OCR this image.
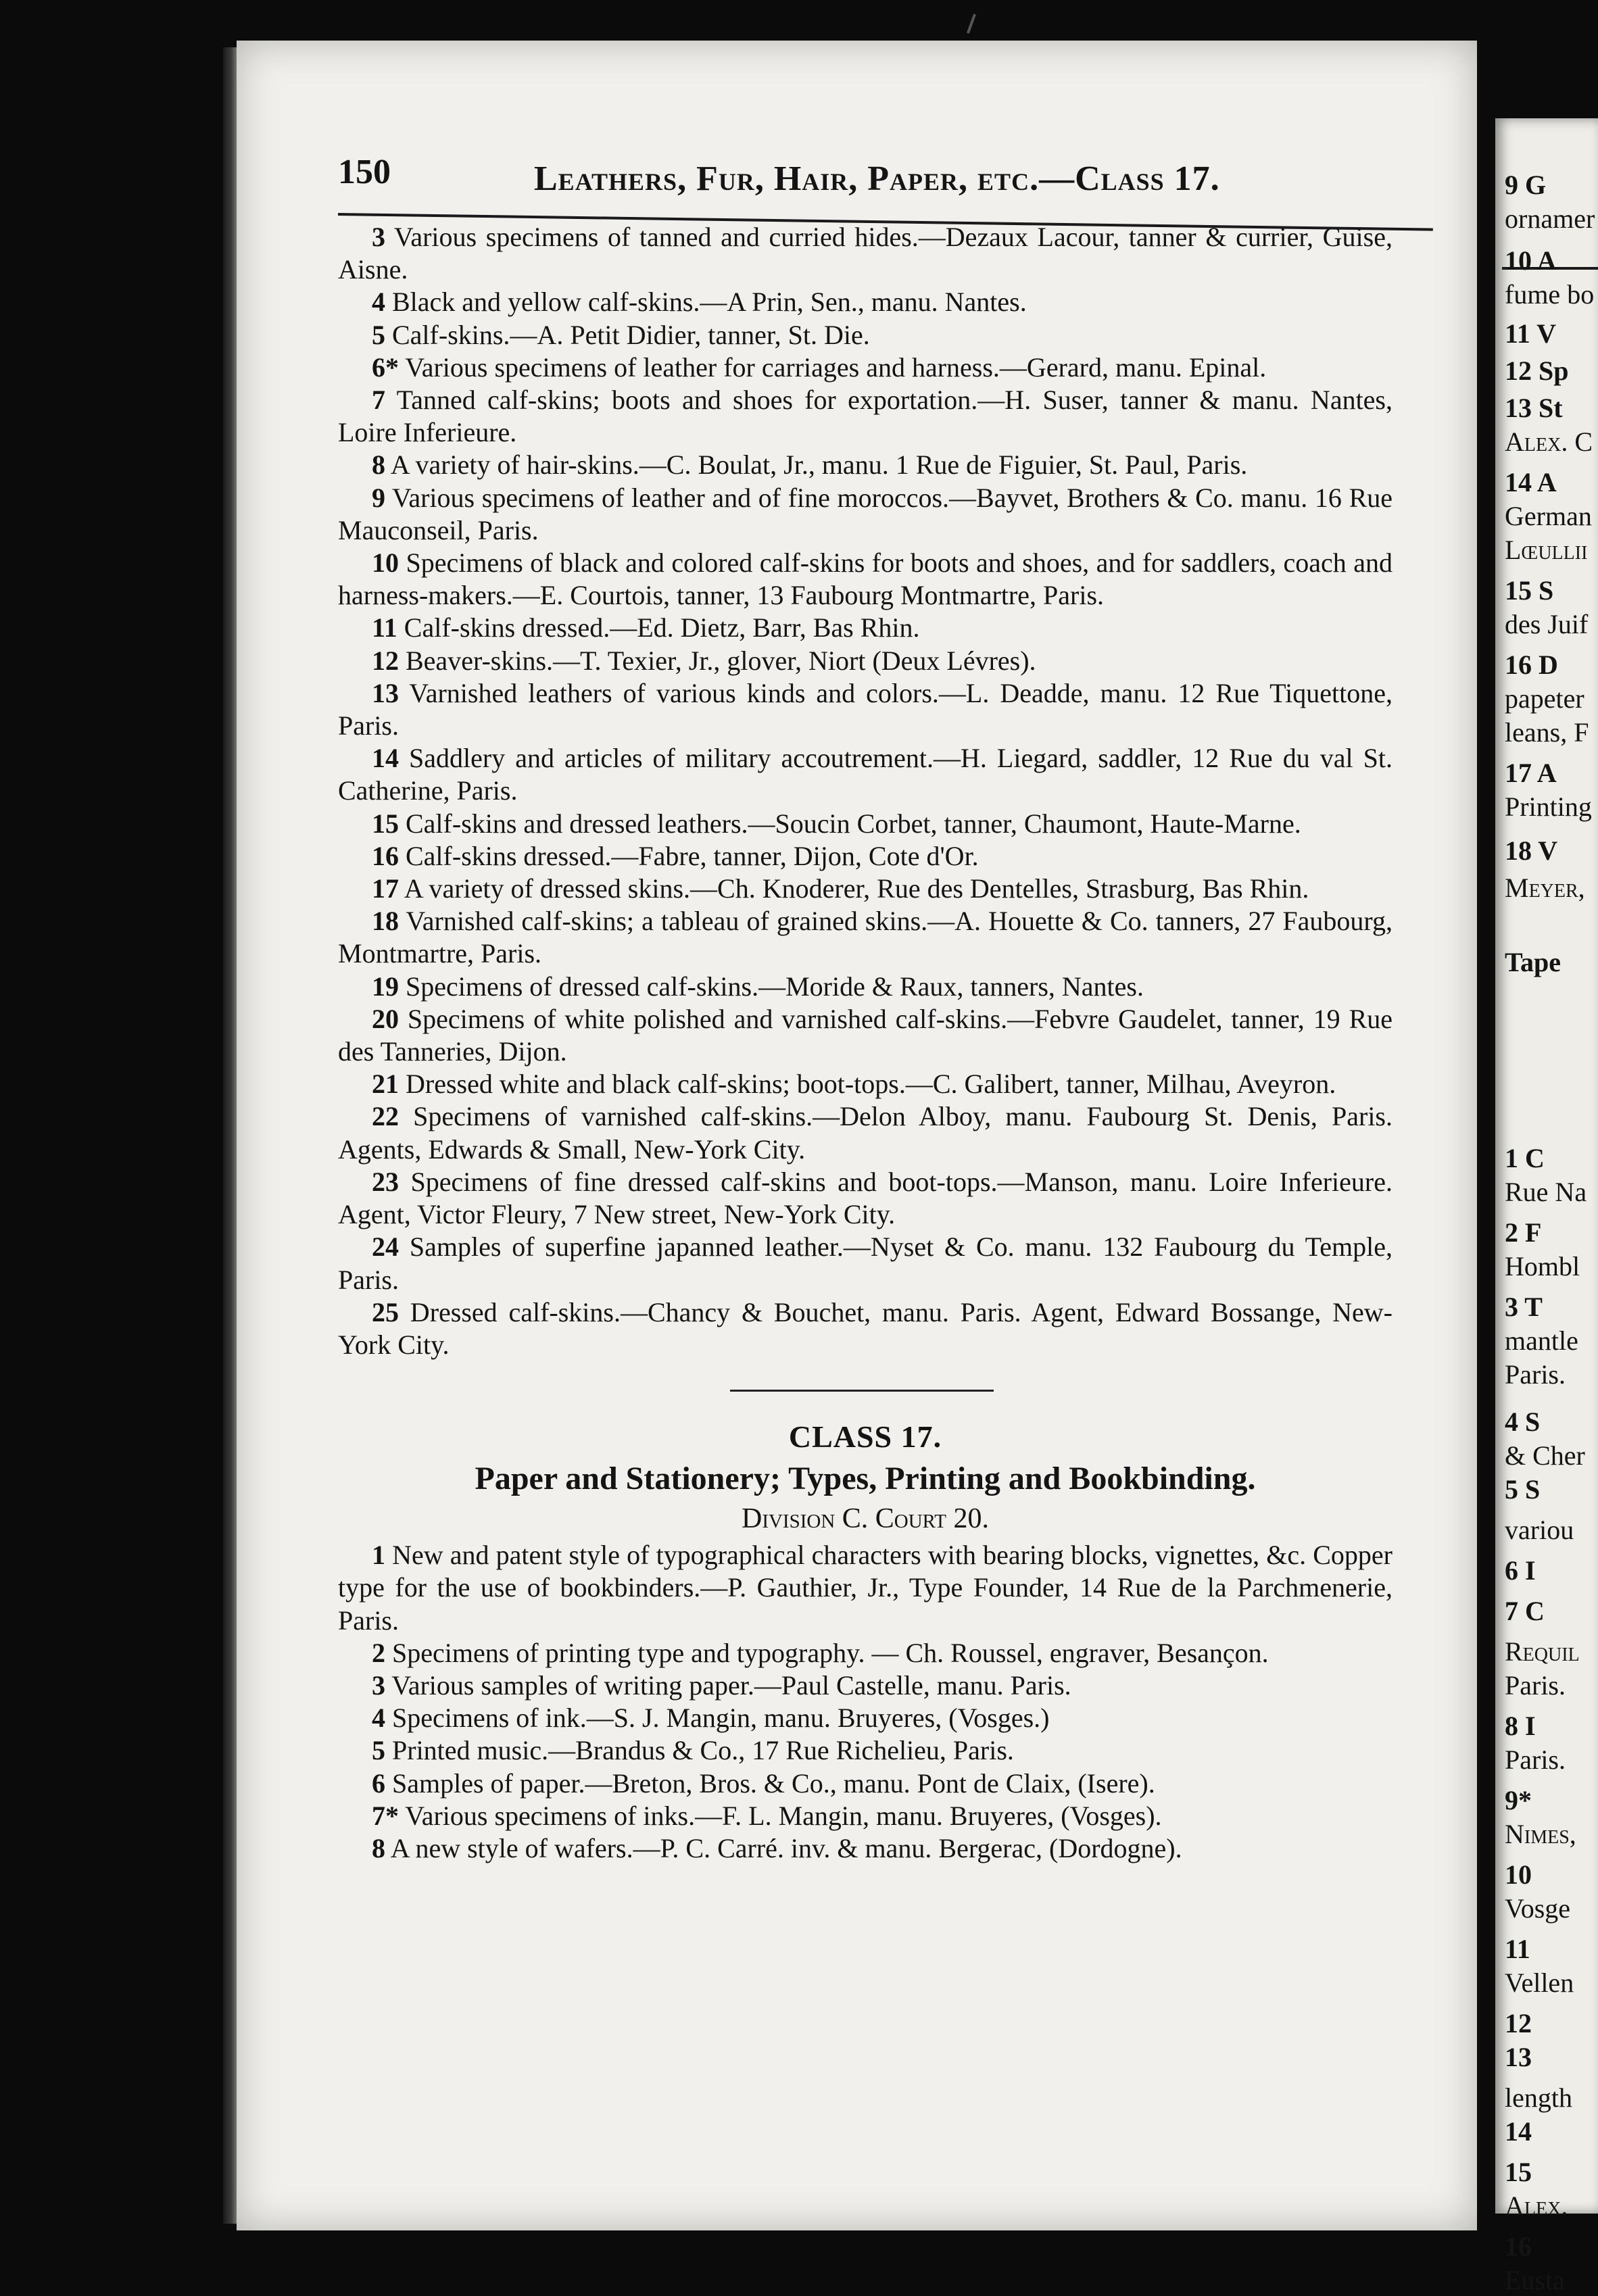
150	Leathers, Fur, Hair, Paper, etc.—Class 17.

3 Various specimens of tanned and curried hides.—Dezaux Lacour, tanner & currier, Guise, Aisne.

4 Black and yellow calf-skins.—A Prin, Sen., manu. Nantes.

5 Calf-skins.—A. Petit Didier, tanner, St. Die.

6* Various specimens of leather for carriages and harness.—Gerard, manu. Epinal.

7 Tanned calf-skins; boots and shoes for exportation.—H. Suser, tanner & manu. Nantes, Loire Inferieure.

8 A variety of hair-skins.—C. Boulat, Jr., manu. 1 Rue de Figuier, St. Paul, Paris.

9 Various specimens of leather and of fine moroccos.—Bayvet, Brothers & Co. manu. 16 Rue Mauconseil, Paris.

10 Specimens of black and colored calf-skins for boots and shoes, and for saddlers, coach and harness-makers.—E. Courtois, tanner, 13 Faubourg Montmartre, Paris.

11 Calf-skins dressed.—Ed. Dietz, Barr, Bas Rhin.

12 Beaver-skins.—T. Texier, Jr., glover, Niort (Deux Lévres).

13 Varnished leathers of various kinds and colors.—L. Deadde, manu. 12 Rue Tiquettone, Paris.

14 Saddlery and articles of military accoutrement.—H. Liegard, saddler, 12 Rue du val St. Catherine, Paris.

15 Calf-skins and dressed leathers.—Soucin Corbet, tanner, Chaumont, Haute-Marne.

16 Calf-skins dressed.—Fabre, tanner, Dijon, Cote d'Or.

17 A variety of dressed skins.—Ch. Knoderer, Rue des Dentelles, Strasburg, Bas Rhin.

18 Varnished calf-skins; a tableau of grained skins.—A. Houette & Co. tanners, 27 Faubourg, Montmartre, Paris.

19 Specimens of dressed calf-skins.—Moride & Raux, tanners, Nantes.

20 Specimens of white polished and varnished calf-skins.—Febvre Gaudelet, tanner, 19 Rue des Tanneries, Dijon.

21 Dressed white and black calf-skins; boot-tops.—C. Galibert, tanner, Milhau, Aveyron.

22 Specimens of varnished calf-skins.—Delon Alboy, manu. Faubourg St. Denis, Paris. Agents, Edwards & Small, New-York City.

23 Specimens of fine dressed calf-skins and boot-tops.—Manson, manu. Loire Inferieure. Agent, Victor Fleury, 7 New street, New-York City.

24 Samples of superfine japanned leather.—Nyset & Co. manu. 132 Faubourg du Temple, Paris.

25 Dressed calf-skins.—Chancy & Bouchet, manu. Paris. Agent, Edward Bossange, New-York City.

CLASS 17.
Paper and Stationery; Types, Printing and Bookbinding.
Division C. Court 20.

1 New and patent style of typographical characters with bearing blocks, vignettes, &c. Copper type for the use of bookbinders.—P. Gauthier, Jr., Type Founder, 14 Rue de la Parchmenerie, Paris.

2 Specimens of printing type and typography. — Ch. Roussel, engraver, Besançon.

3 Various samples of writing paper.—Paul Castelle, manu. Paris.

4 Specimens of ink.—S. J. Mangin, manu. Bruyeres, (Vosges.)

5 Printed music.—Brandus & Co., 17 Rue Richelieu, Paris.

6 Samples of paper.—Breton, Bros. & Co., manu. Pont de Claix, (Isere).

7* Various specimens of inks.—F. L. Mangin, manu. Bruyeres, (Vosges).

8 A new style of wafers.—P. C. Carré. inv. & manu. Bergerac, (Dordogne).

9 G
ornamer
10 A
fume bo
11 V
12 Sp
13 St
Alex. C
14 A
German
Lœullii
15 S
des Juif
16 D
papeter
leans, F
17 A
Printing
18 V
Meyer,
Tape
1 C
Rue Na
2 F
Hombl
3 T
mantle
Paris.
4 S
& Cher
5 S
variou
6 I
7 C
Requil
Paris.
8 I
Paris.
9*
Nimes,
10
Vosge
11
Vellen
12
13
length
14
15
Alex.
16
Eusta
